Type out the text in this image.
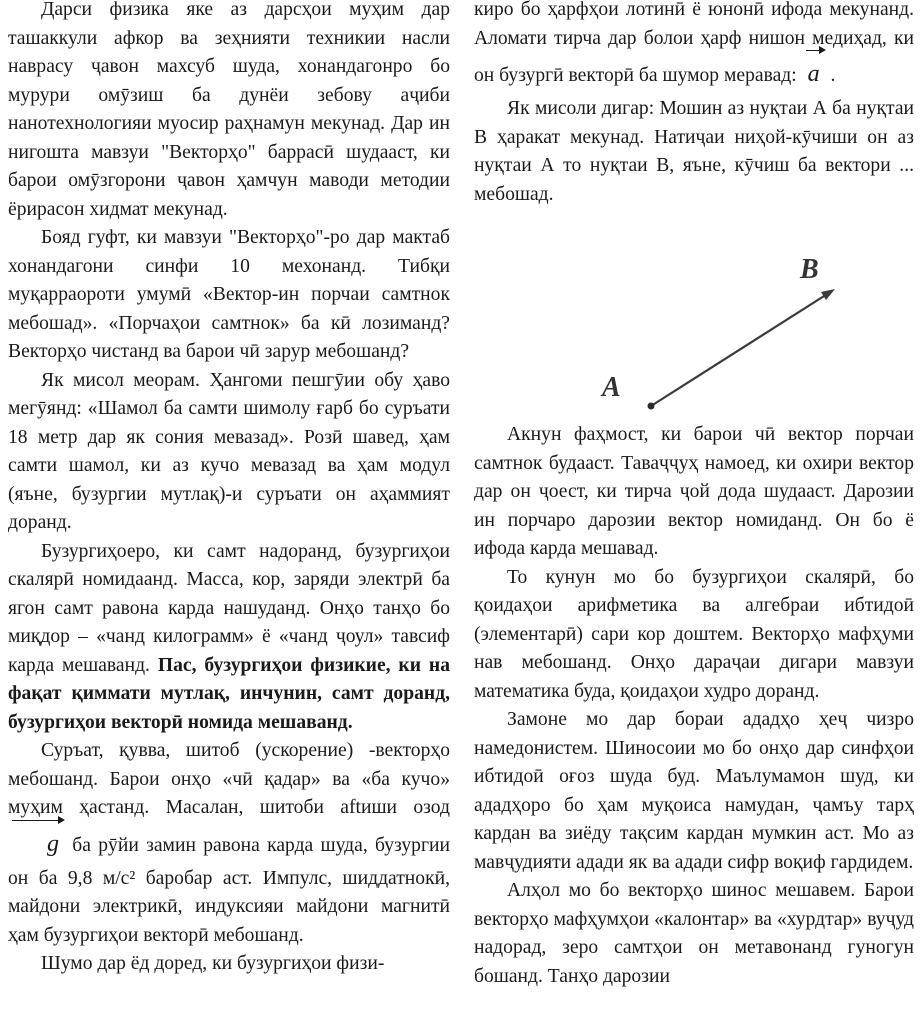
Дарси физика яке аз дарсҳои муҳим дар ташаккули афкор ва зеҳнияти техникии насли наврасу ҷавон махсуб шуда, хонандагонро бо мурури омӯзиш ба дунёи зебову аҷиби нанотехнологияи муосир раҳнамун мекунад. Дар ин нигошта мавзуи "Векторҳо" баррасӣ шудааст, ки барои омӯзгорони ҷавон ҳамчун маводи методии ёрирасон хидмат мекунад.

Бояд гуфт, ки мавзуи "Векторҳо"-ро дар мактаб хонандагони синфи 10 мехонанд. Тибқи муқарраороти умумӣ «Вектор-ин порчаи самтнок мебошад». «Порчаҳои самтнок» ба кӣ лозиманд? Векторҳо чистанд ва барои чӣ зарур мебошанд?

Як мисол меорам. Ҳангоми пешгӯии обу ҳаво мегӯянд: «Шамол ба самти шимолу ғарб бо суръати 18 метр дар як сония мевазад». Розӣ шавед, ҳам самти шамол, ки аз кучо мевазад ва ҳам модул (яъне, бузургии мутлақ)-и суръати он аҳаммият доранд.

Бузургиҳоеро, ки самт надоранд, бузургиҳои скалярӣ номидаанд. Масса, кор, заряди электрӣ ба ягон самт равона карда нашуданд. Онҳо танҳо бо миқдор – «чанд килограмм» ё «чанд ҷоул» тавсиф карда мешаванд. Пас, бузургиҳои физикие, ки на фақат қиммати мутлақ, инчунин, самт доранд, бузургиҳои векторӣ номида мешаванд.

Суръат, қувва, шитоб (ускорение) -векторҳо мебошанд. Барои онҳо «чӣ қадар» ва «ба кучо» муҳим ҳастанд. Масалан, шитоби аftиши озод g ба рӯйи замин равона карда шуда, бузургии он ба 9,8 м/с² баробар аст. Импулс, шиддатнокӣ, майдони электрикӣ, индуксияи майдони магнитӣ ҳам бузургиҳои векторӣ мебошанд.

Шумо дар ёд доред, ки бузургиҳои физи-

киро бо ҳарфҳои лотинӣ ё юнонӣ ифода мекунанд. Аломати тирча дар болои ҳарф нишон медиҳад, ки он бузургӣ векторӣ ба шумор меравад: a .

Як мисоли дигар: Мошин аз нуқтаи А ба нуқтаи В ҳаракат мекунад. Натиҷаи ниҳой-кӯчиши он аз нуқтаи А то нуқтаи В, яъне, кӯчиш ба вектори ... мебошад.

Акнун фаҳмост, ки барои чӣ вектор порчаи самтнок будааст. Таваҷҷуҳ намоед, ки охири вектор дар он ҷоест, ки тирча ҷой дода шудааст. Дарозии ин порчаро дарозии вектор номиданд. Он бо ё ифода карда мешавад.

То кунун мо бо бузургиҳои скалярӣ, бо қоидаҳои арифметика ва алгебраи ибтидоӣ (элементарӣ) сари кор доштем. Векторҳо мафҳуми нав мебошанд. Онҳо дараҷаи дигари мавзуи математика буда, қоидаҳои худро доранд.

Замоне мо дар бораи ададҳо ҳеҷ чизро намедонистем. Шиносоии мо бо онҳо дар синфҳои ибтидоӣ оғоз шуда буд. Маълумамон шуд, ки ададҳоро бо ҳам муқоиса намудан, ҷамъу тарҳ кардан ва зиёду тақсим кардан мумкин аст. Мо аз мавҷудияти адади як ва адади сифр воқиф гардидем.

Алҳол мо бо векторҳо шинос мешавем. Барои векторҳо мафҳумҳои «калонтар» ва «хурдтар» вуҷуд надорад, зеро самтҳои он метавонанд гуногун бошанд. Танҳо дарозии

A
B
